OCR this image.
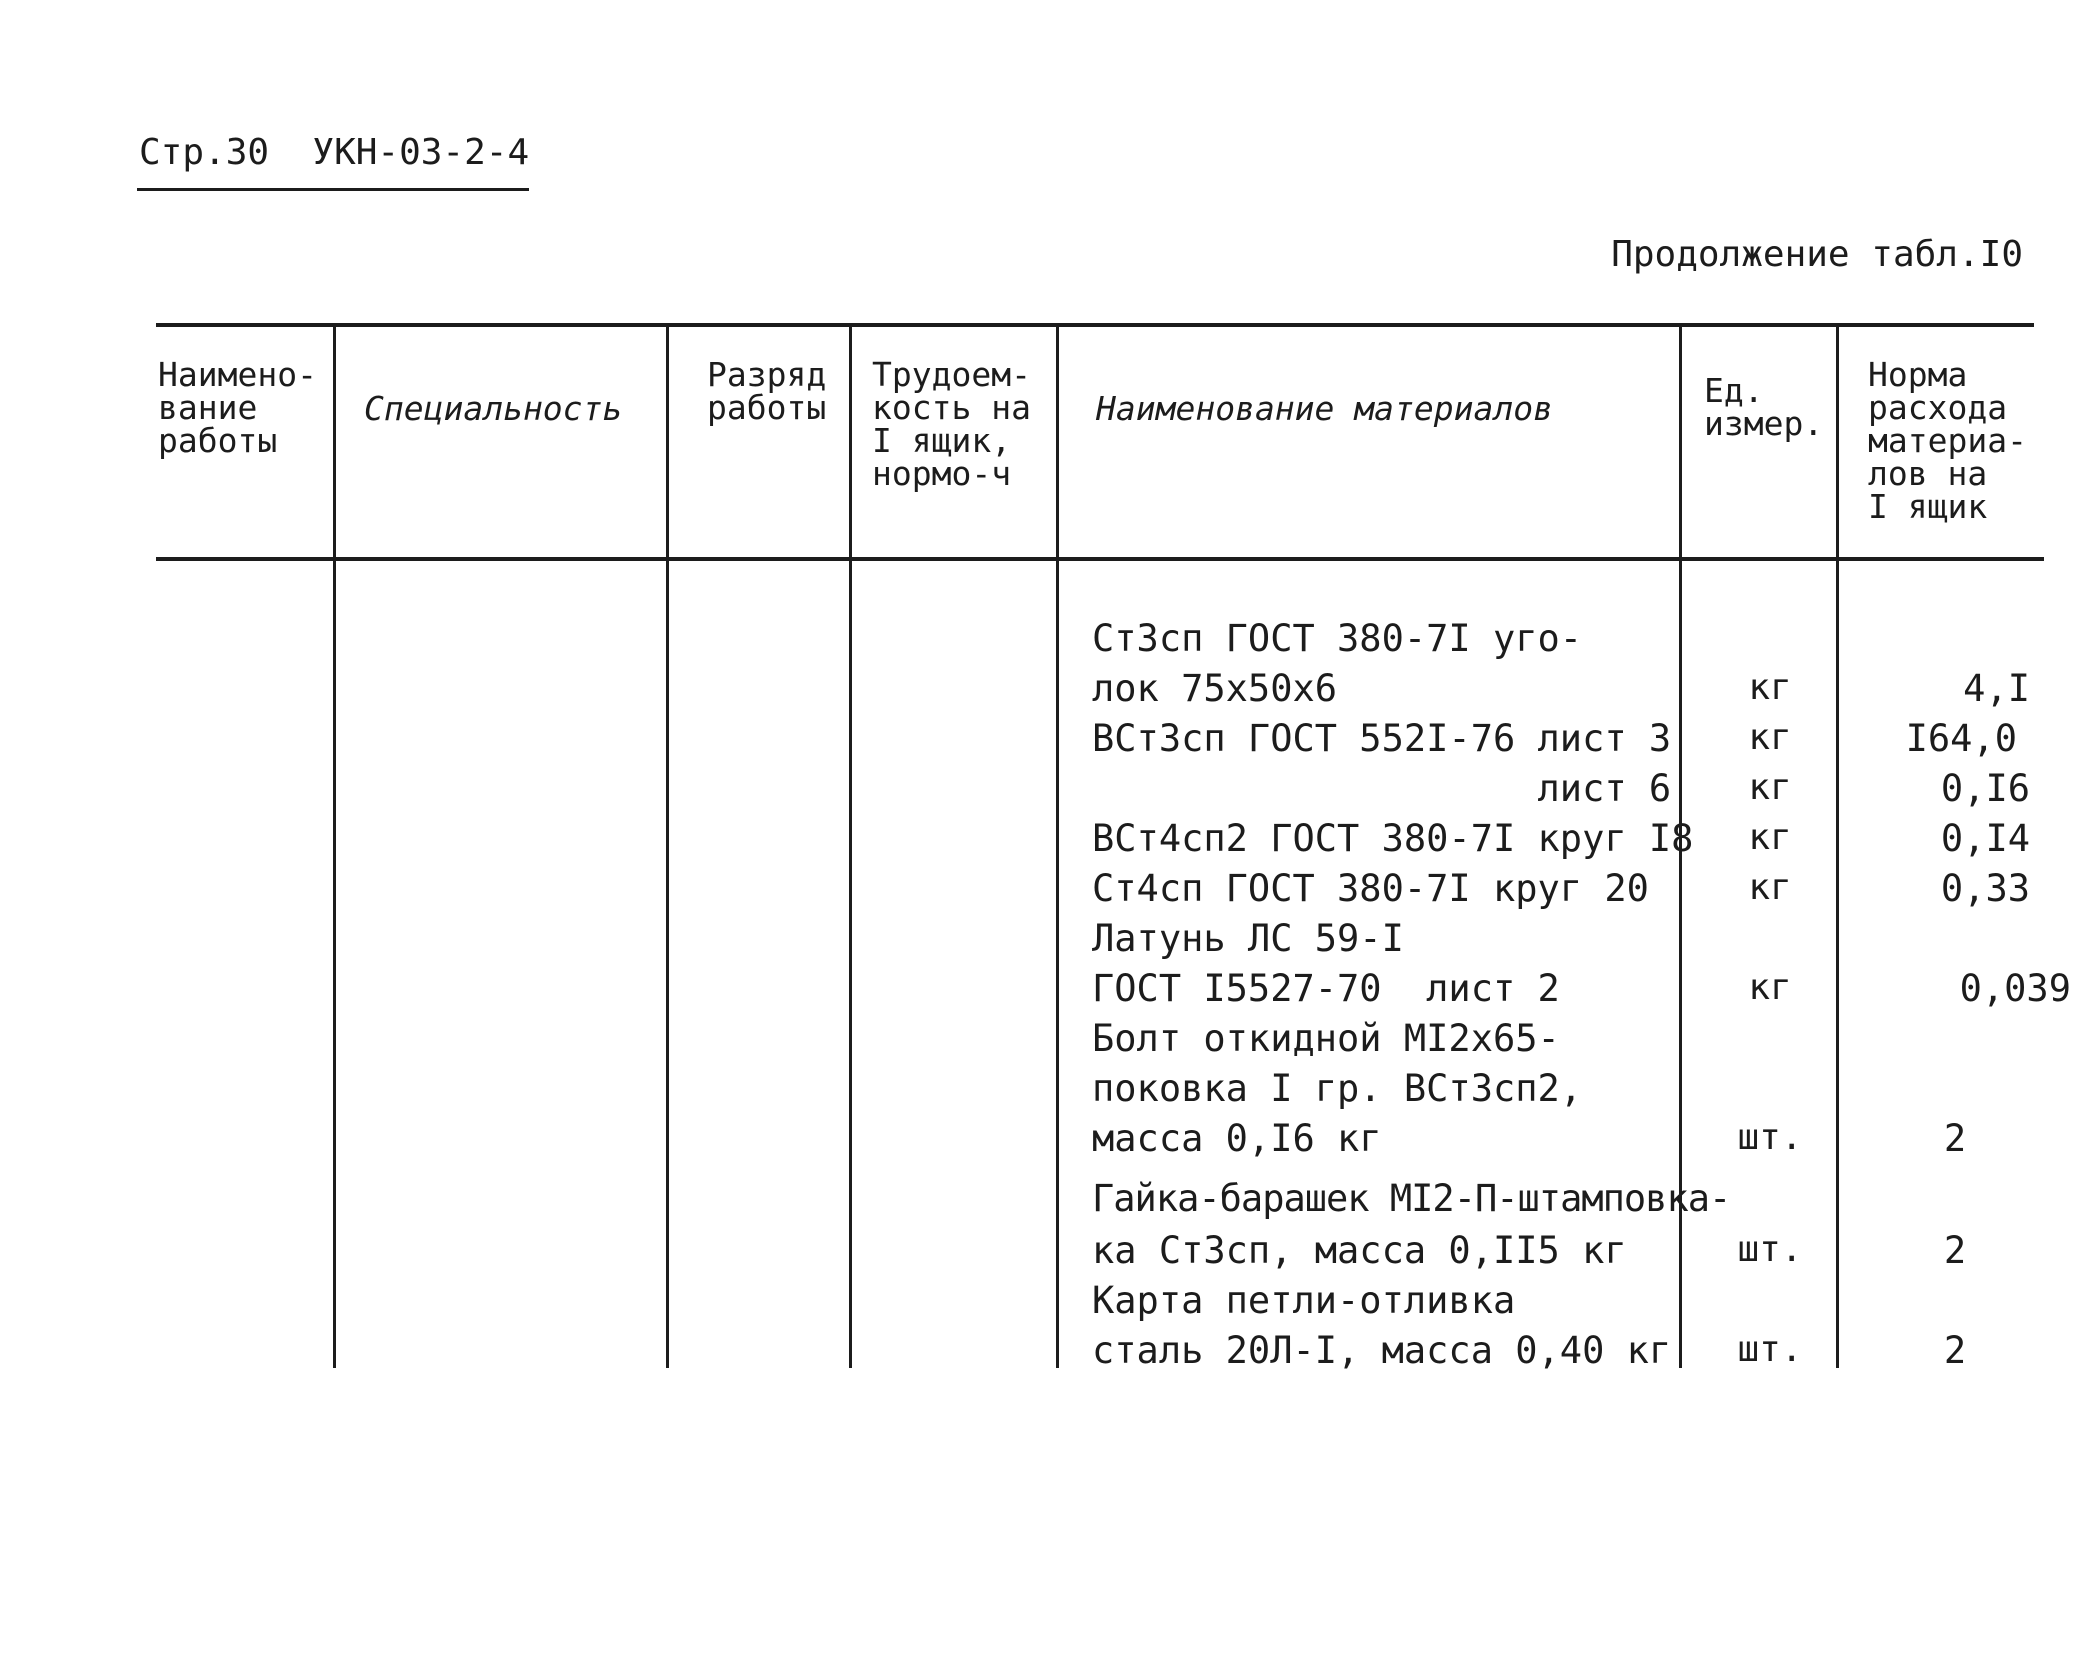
Стр.30  УКН-03-2-4
Продолжение табл.I0
Наимено-
вание
работы
Специальность
Разряд
работы
Трудоем-
кость на
I ящик,
нормо-ч
Наименование материалов	Ед.
измер.
Норма
расхода
материа-
лов на
I ящик
Ст3сп ГОСТ 380-7I уго-
лок 75х50х6
ВСт3сп ГОСТ 552I-76 лист 3
лист 6
ВСт4сп2 ГОСТ 380-7I круг I8
Ст4сп ГОСТ 380-7I круг 20
Латунь ЛС 59-I
ГОСТ I5527-70  лист 2
Болт откидной МI2х65-
поковка I гр. ВСт3сп2,
масса 0,I6 кг
Гайка-барашек МI2-П-штамповка-
ка Ст3сп, масса 0,II5 кг
Карта петли-отливка
сталь 20Л-I, масса 0,40 кг
кг
кг
кг
кг
кг
кг
шт.
шт.
шт.
4,I
I64,0
0,I6
0,I4
0,33
0,039
2
2
2
